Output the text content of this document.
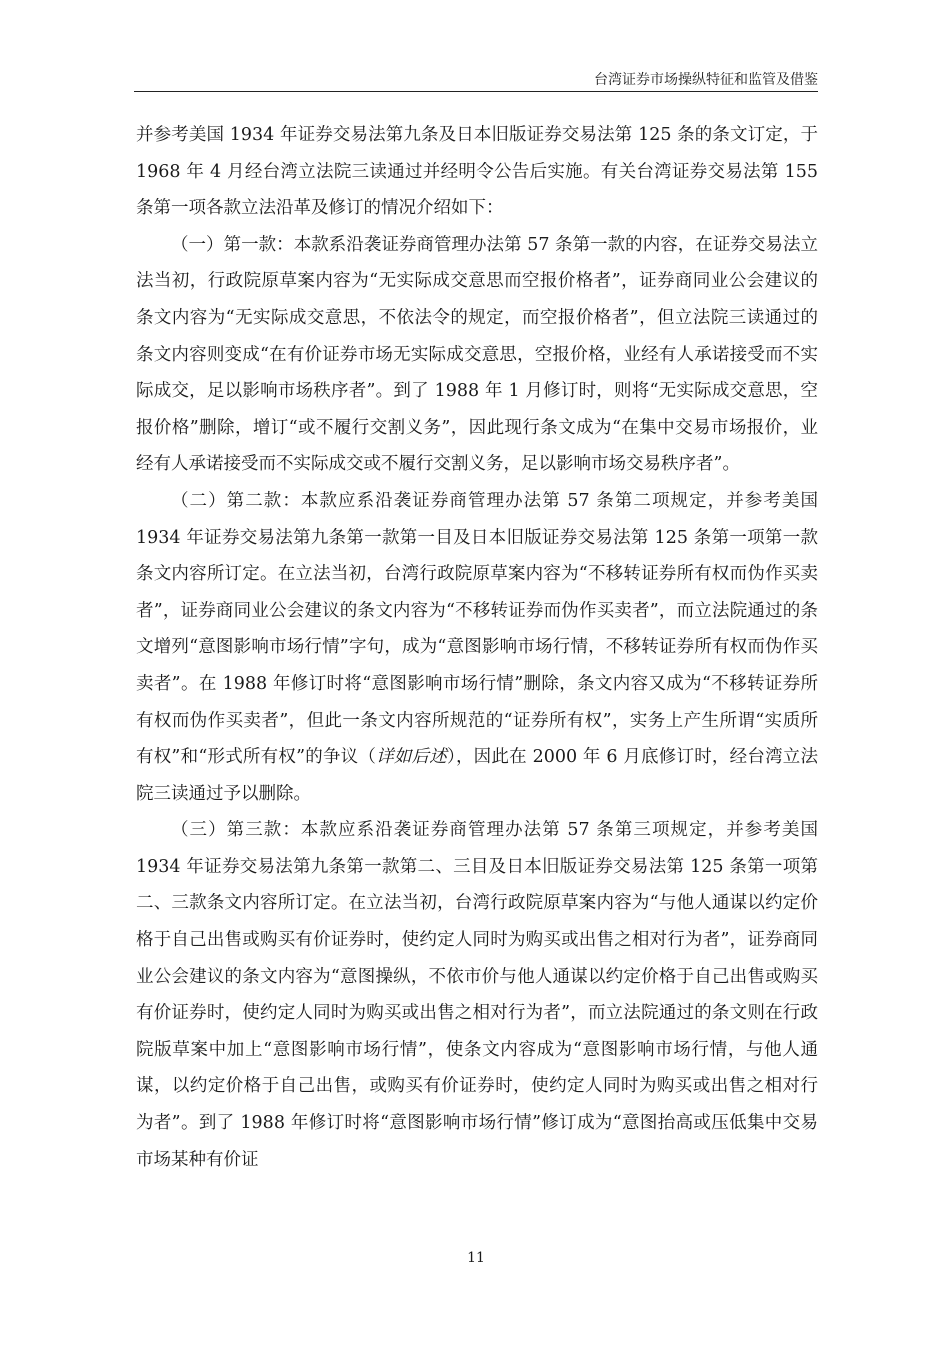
台湾证券市场操纵特征和监管及借鉴

并参考美国 1934 年证券交易法第九条及日本旧版证券交易法第 125 条的条文订定，于 1968 年 4 月经台湾立法院三读通过并经明令公告后实施。有关台湾证券交易法第 155 条第一项各款立法沿革及修订的情况介绍如下：

（一）第一款：本款系沿袭证券商管理办法第 57 条第一款的内容，在证券交易法立法当初，行政院原草案内容为“无实际成交意思而空报价格者”，证券商同业公会建议的条文内容为“无实际成交意思，不依法令的规定，而空报价格者”，但立法院三读通过的条文内容则变成“在有价证券市场无实际成交意思，空报价格，业经有人承诺接受而不实际成交，足以影响市场秩序者”。到了 1988 年 1 月修订时，则将“无实际成交意思，空报价格”删除，增订“或不履行交割义务”，因此现行条文成为“在集中交易市场报价，业经有人承诺接受而不实际成交或不履行交割义务，足以影响市场交易秩序者”。

（二）第二款：本款应系沿袭证券商管理办法第 57 条第二项规定，并参考美国 1934 年证券交易法第九条第一款第一目及日本旧版证券交易法第 125 条第一项第一款条文内容所订定。在立法当初，台湾行政院原草案内容为“不移转证券所有权而伪作买卖者”，证券商同业公会建议的条文内容为“不移转证券而伪作买卖者”，而立法院通过的条文增列“意图影响市场行情”字句，成为“意图影响市场行情，不移转证券所有权而伪作买卖者”。在 1988 年修订时将“意图影响市场行情”删除，条文内容又成为“不移转证券所有权而伪作买卖者”，但此一条文内容所规范的“证券所有权”，实务上产生所谓“实质所有权”和“形式所有权”的争议（详如后述），因此在 2000 年 6 月底修订时，经台湾立法院三读通过予以删除。

（三）第三款：本款应系沿袭证券商管理办法第 57 条第三项规定，并参考美国 1934 年证券交易法第九条第一款第二、三目及日本旧版证券交易法第 125 条第一项第二、三款条文内容所订定。在立法当初，台湾行政院原草案内容为“与他人通谋以约定价格于自己出售或购买有价证券时，使约定人同时为购买或出售之相对行为者”，证券商同业公会建议的条文内容为“意图操纵，不依市价与他人通谋以约定价格于自己出售或购买有价证券时，使约定人同时为购买或出售之相对行为者”，而立法院通过的条文则在行政院版草案中加上“意图影响市场行情”，使条文内容成为“意图影响市场行情，与他人通谋，以约定价格于自己出售，或购买有价证券时，使约定人同时为购买或出售之相对行为者”。到了 1988 年修订时将“意图影响市场行情”修订成为“意图抬高或压低集中交易市场某种有价证

11
